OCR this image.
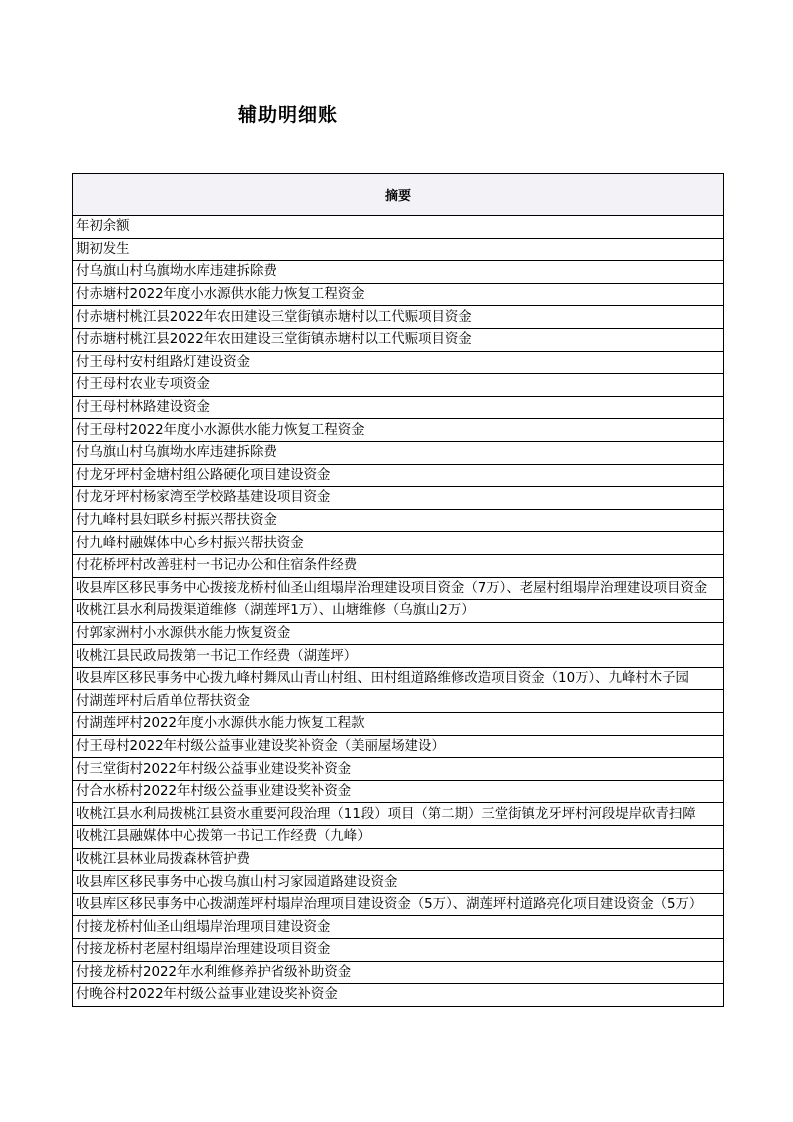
辅助明细账
摘要
年初余额
期初发生
付乌旗山村乌旗坳水库违建拆除费
付赤塘村2022年度小水源供水能力恢复工程资金
付赤塘村桃江县2022年农田建设三堂街镇赤塘村以工代赈项目资金
付赤塘村桃江县2022年农田建设三堂街镇赤塘村以工代赈项目资金
付王母村安村组路灯建设资金
付王母村农业专项资金
付王母村林路建设资金
付王母村2022年度小水源供水能力恢复工程资金
付乌旗山村乌旗坳水库违建拆除费
付龙牙坪村金塘村组公路硬化项目建设资金
付龙牙坪村杨家湾至学校路基建设项目资金
付九峰村县妇联乡村振兴帮扶资金
付九峰村融媒体中心乡村振兴帮扶资金
付花桥坪村改善驻村一书记办公和住宿条件经费
收县库区移民事务中心拨接龙桥村仙圣山组塌岸治理建设项目资金（7万）、老屋村组塌岸治理建设项目资金
收桃江县水利局拨渠道维修（湖莲坪1万）、山塘维修（乌旗山2万）
付郭家洲村小水源供水能力恢复资金
收桃江县民政局拨第一书记工作经费（湖莲坪）
收县库区移民事务中心拨九峰村舞凤山青山村组、田村组道路维修改造项目资金（10万）、九峰村木子园
付湖莲坪村后盾单位帮扶资金
付湖莲坪村2022年度小水源供水能力恢复工程款
付王母村2022年村级公益事业建设奖补资金（美丽屋场建设）
付三堂街村2022年村级公益事业建设奖补资金
付合水桥村2022年村级公益事业建设奖补资金
收桃江县水利局拨桃江县资水重要河段治理（11段）项目（第二期）三堂街镇龙牙坪村河段堤岸砍青扫障
收桃江县融媒体中心拨第一书记工作经费（九峰）
收桃江县林业局拨森林管护费
收县库区移民事务中心拨乌旗山村习家园道路建设资金
收县库区移民事务中心拨湖莲坪村塌岸治理项目建设资金（5万）、湖莲坪村道路亮化项目建设资金（5万）
付接龙桥村仙圣山组塌岸治理项目建设资金
付接龙桥村老屋村组塌岸治理建设项目资金
付接龙桥村2022年水利维修养护省级补助资金
付晚谷村2022年村级公益事业建设奖补资金
